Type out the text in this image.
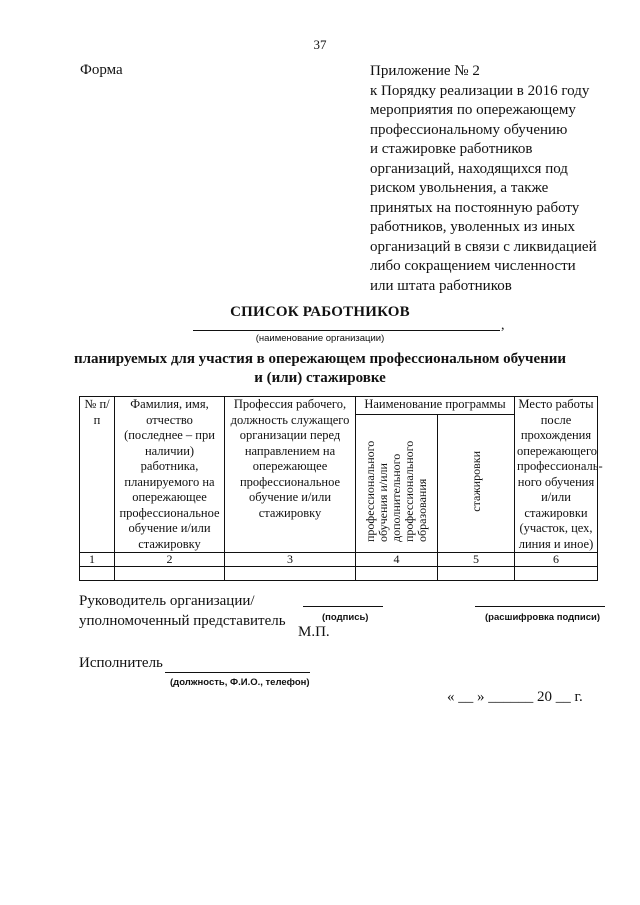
37
Форма	Приложение № 2
к Порядку реализации в 2016 году
мероприятия по опережающему
профессиональному обучению
и стажировке работников
организаций, находящихся под
риском увольнения, а также
принятых на постоянную работу
работников, уволенных из иных
организаций в связи с ликвидацией
либо сокращением численности
или штата работников
СПИСОК РАБОТНИКОВ
,
(наименование организации)
планируемых для участия в опережающем профессиональном обучении
и (или) стажировке
№ п/п	Фамилия, имя, отчество (последнее – при наличии) работника, планируемого на опережающее профессиональное обучение и/или стажировку	Профессия рабочего, должность служащего организации перед направлением на опережающее профессиональное обучение и/или стажировку	Наименование программы		Место работы после прохождения опережающего профессиональ-ного обучения и/или стажировки (участок, цех, линия и иное)
			профессионального обучения и/или дополнительного профессионального образования	стажировки	
1	2	3	4	5	6

Руководитель организации/
уполномоченный представитель	(подпись)	(расшифровка подписи)
М.П.
Исполнитель
(должность, Ф.И.О., телефон)
« __ » ______ 20 __ г.
